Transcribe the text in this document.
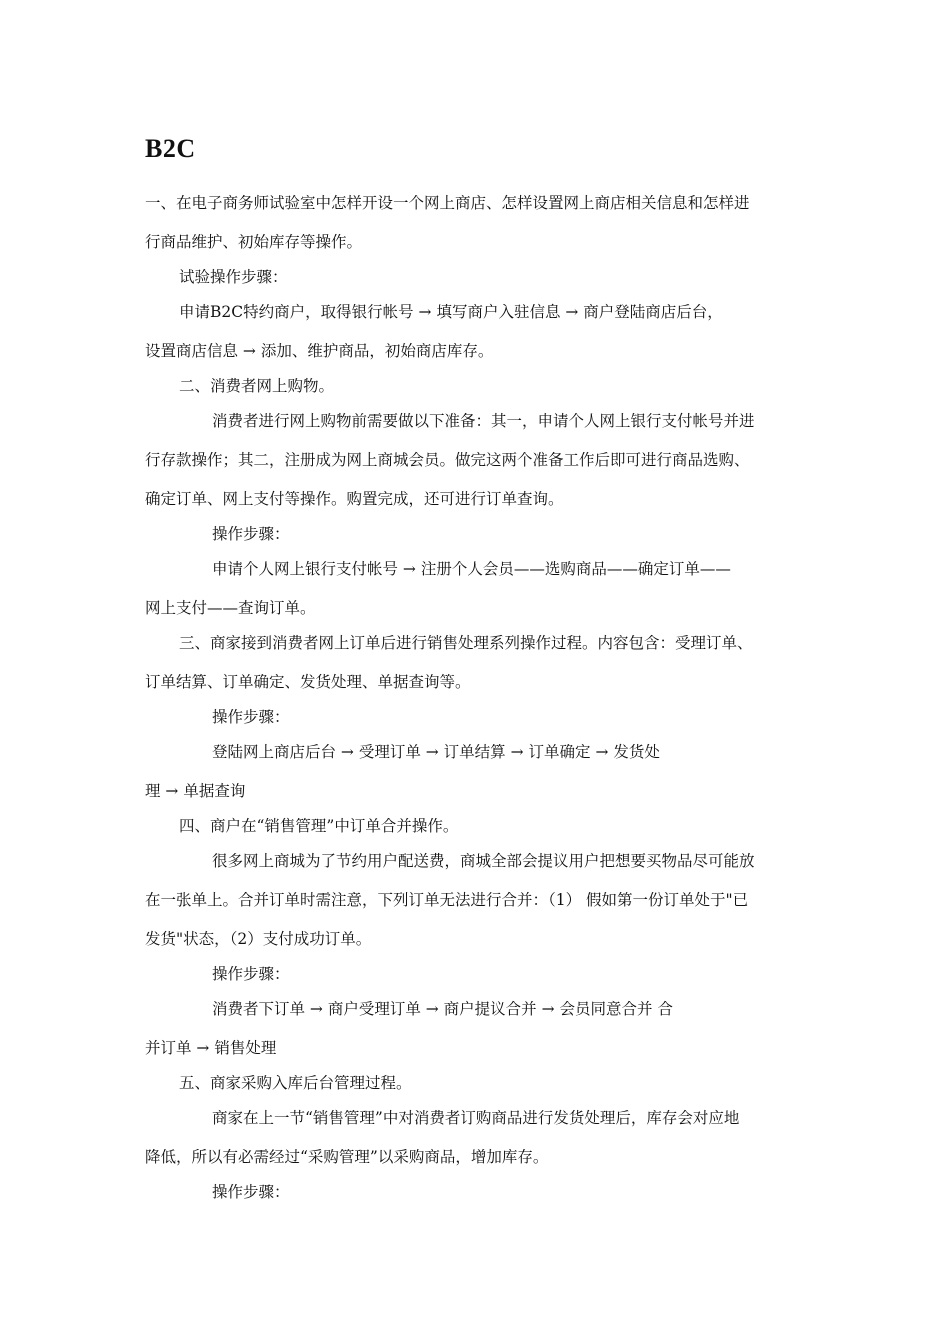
B2C
一、在电子商务师试验室中怎样开设一个网上商店、怎样设置网上商店相关信息和怎样进
行商品维护、初始库存等操作。
试验操作步骤：
申请B2C特约商户，取得银行帐号 → 填写商户入驻信息 → 商户登陆商店后台，
设置商店信息 → 添加、维护商品，初始商店库存。
二、消费者网上购物。
消费者进行网上购物前需要做以下准备：其一，申请个人网上银行支付帐号并进
行存款操作；其二，注册成为网上商城会员。做完这两个准备工作后即可进行商品选购、
确定订单、网上支付等操作。购置完成，还可进行订单查询。
操作步骤：
申请个人网上银行支付帐号 → 注册个人会员——选购商品——确定订单——
网上支付——查询订单。
三、商家接到消费者网上订单后进行销售处理系列操作过程。内容包含：受理订单、
订单结算、订单确定、发货处理、单据查询等。
操作步骤：
登陆网上商店后台 → 受理订单 → 订单结算 → 订单确定 → 发货处
理 → 单据查询
四、商户在“销售管理”中订单合并操作。
很多网上商城为了节约用户配送费，商城全部会提议用户把想要买物品尽可能放
在一张单上。合并订单时需注意，下列订单无法进行合并：（1） 假如第一份订单处于"已
发货"状态，（2）支付成功订单。
操作步骤：
消费者下订单 → 商户受理订单 → 商户提议合并 → 会员同意合并 合
并订单 → 销售处理
五、商家采购入库后台管理过程。
商家在上一节“销售管理”中对消费者订购商品进行发货处理后，库存会对应地
降低，所以有必需经过“采购管理”以采购商品，增加库存。
操作步骤：
